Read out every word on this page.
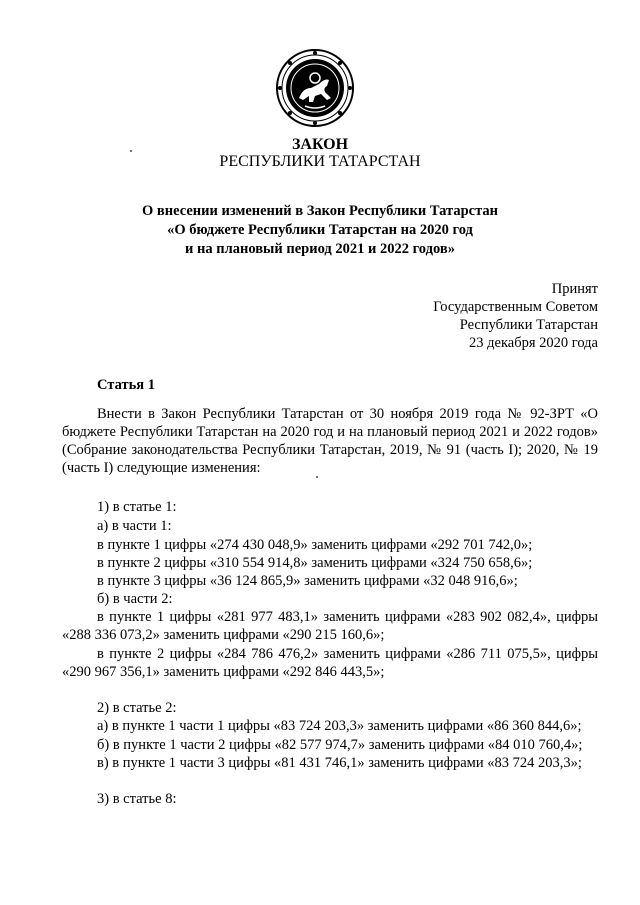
ЗАКОН
РЕСПУБЛИКИ ТАТАРСТАН
О внесении изменений в Закон Республики Татарстан
«О бюджете Республики Татарстан на 2020 год
и на плановый период 2021 и 2022 годов»
Принят
Государственным Советом
Республики Татарстан
23 декабря 2020 года
Статья 1
Внести в Закон Республики Татарстан от 30 ноября 2019 года № 92-ЗРТ «О бюджете Республики Татарстан на 2020 год и на плановый период 2021 и 2022 годов» (Собрание законодательства Республики Татарстан, 2019, № 91 (часть I); 2020, № 19 (часть I) следующие изменения:
1) в статье 1:
а) в части 1:
в пункте 1 цифры «274 430 048,9» заменить цифрами «292 701 742,0»;
в пункте 2 цифры «310 554 914,8» заменить цифрами «324 750 658,6»;
в пункте 3 цифры «36 124 865,9» заменить цифрами «32 048 916,6»;
б) в части 2:
в пункте 1 цифры «281 977 483,1» заменить цифрами «283 902 082,4», цифры
«288 336 073,2» заменить цифрами «290 215 160,6»;
в пункте 2 цифры «284 786 476,2» заменить цифрами «286 711 075,5», цифры
«290 967 356,1» заменить цифрами «292 846 443,5»;
2) в статье 2:
а) в пункте 1 части 1 цифры «83 724 203,3» заменить цифрами «86 360 844,6»;
б) в пункте 1 части 2 цифры «82 577 974,7» заменить цифрами «84 010 760,4»;
в) в пункте 1 части 3 цифры «81 431 746,1» заменить цифрами «83 724 203,3»;
3) в статье 8:
